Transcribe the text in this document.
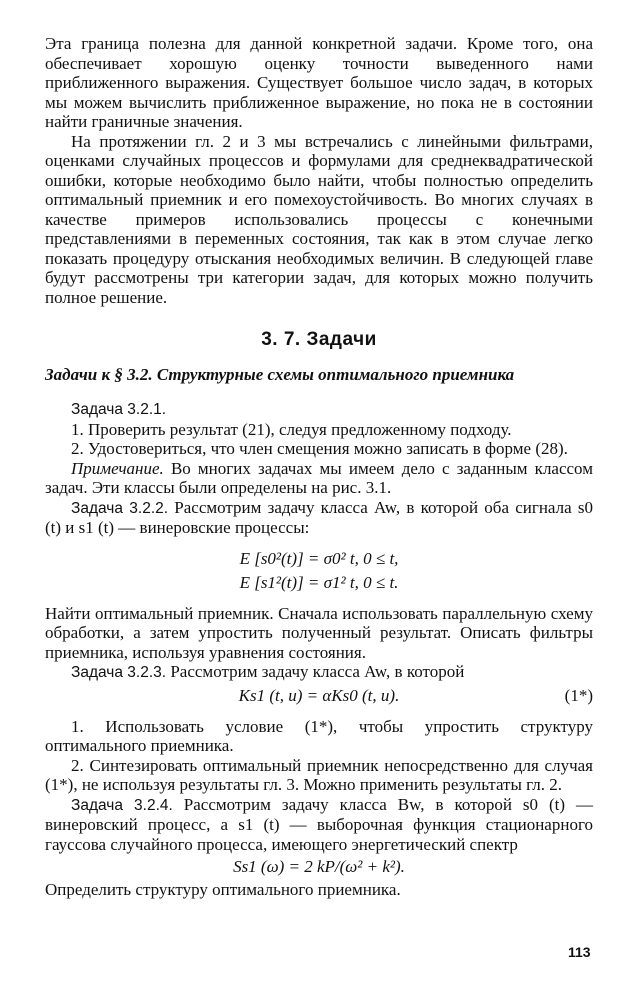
Эта граница полезна для данной конкретной задачи. Кроме того, она обеспечивает хорошую оценку точности выведенного нами приближенного выражения. Существует большое число задач, в которых мы можем вычислить приближенное выражение, но пока не в состоянии найти граничные значения.

На протяжении гл. 2 и 3 мы встречались с линейными фильтрами, оценками случайных процессов и формулами для среднеквадратической ошибки, которые необходимо было найти, чтобы полностью определить оптимальный приемник и его помехоустойчивость. Во многих случаях в качестве примеров использовались процессы с конечными представлениями в переменных состояния, так как в этом случае легко показать процедуру отыскания необходимых величин. В следующей главе будут рассмотрены три категории задач, для которых можно получить полное решение.

3. 7. Задачи
Задачи к § 3.2. Структурные схемы оптимального приемника

Задача 3.2.1.

1. Проверить результат (21), следуя предложенному подходу.

2. Удостовериться, что член смещения можно записать в форме (28).

Примечание. Во многих задачах мы имеем дело с заданным классом задач. Эти классы были определены на рис. 3.1.

Задача 3.2.2. Рассмотрим задачу класса Aw, в которой оба сигнала s0 (t) и s1 (t) — винеровские процессы:

E [s0²(t)] = σ0² t, 0 ≤ t,
E [s1²(t)] = σ1² t, 0 ≤ t.

Найти оптимальный приемник. Сначала использовать параллельную схему обработки, а затем упростить полученный результат. Описать фильтры приемника, используя уравнения состояния.

Задача 3.2.3. Рассмотрим задачу класса Aw, в которой

Ks1 (t, u) = αKs0 (t, u).	(1*)

1. Использовать условие (1*), чтобы упростить структуру оптимального приемника.

2. Синтезировать оптимальный приемник непосредственно для случая (1*), не используя результаты гл. 3. Можно применить результаты гл. 2.

Задача 3.2.4. Рассмотрим задачу класса Bw, в которой s0 (t) — винеровский процесс, а s1 (t) — выборочная функция стационарного гауссова случайного процесса, имеющего энергетический спектр

Ss1 (ω) = 2 kP/(ω² + k²).

Определить структуру оптимального приемника.

113
